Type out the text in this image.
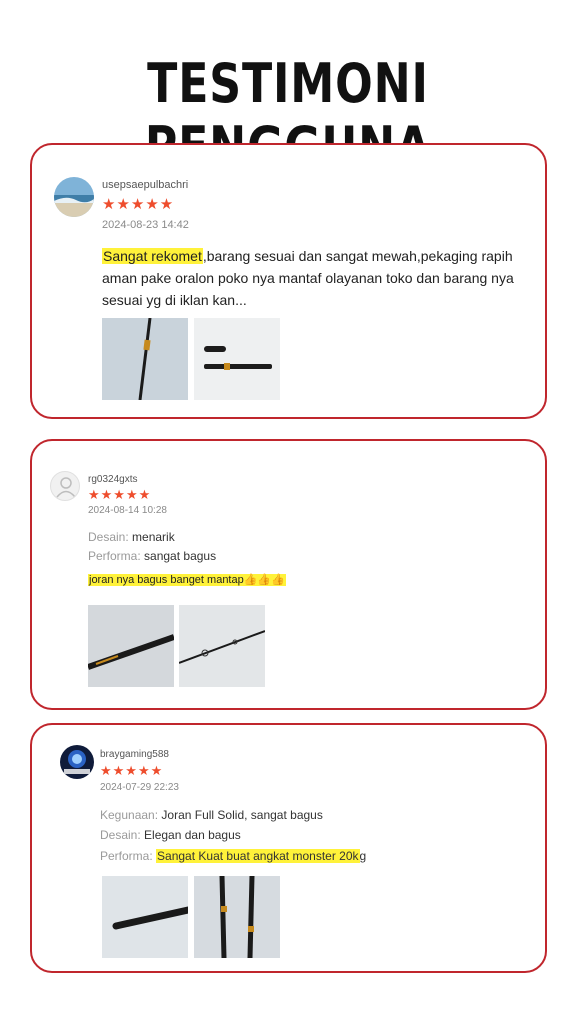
TESTIMONI
usepsaepulbachri
★★★★★
2024-08-23 14:42
Sangat rekomet,barang sesuai dan sangat mewah,pekaging rapih aman pake oralon poko nya mantaf olayanan toko dan barang nya sesuai yg di iklan kan...
rg0324gxts
★★★★★
2024-08-14 10:28
Desain: menarik
Performa: sangat bagus
joran nya bagus banget mantap👍👍👍
braygaming588
★★★★★
2024-07-29 22:23
Kegunaan: Joran Full Solid, sangat bagus
Desain: Elegan dan bagus
Performa: Sangat Kuat buat angkat monster 20kg
